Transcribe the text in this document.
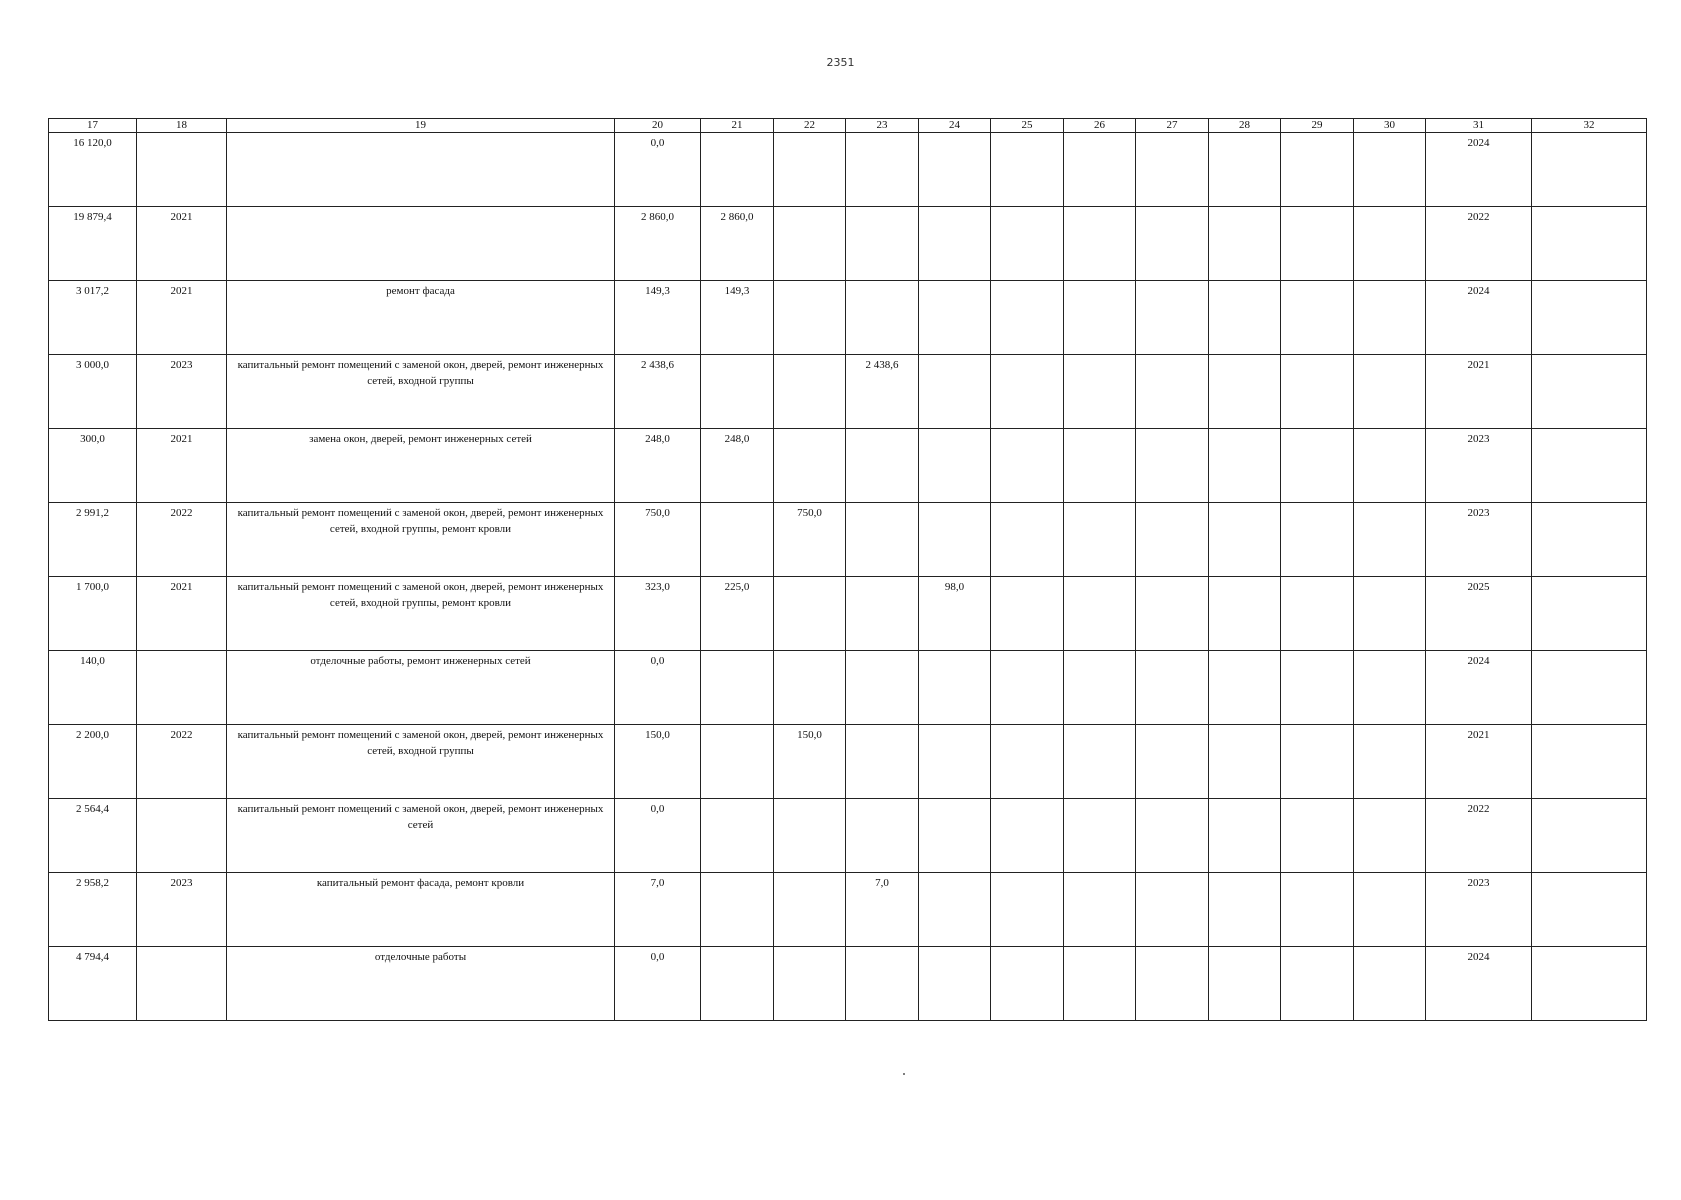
2351
17	18	19	20	21	22	23	24	25	26	27	28	29	30	31	32
16 120,0			0,0											2024	
19 879,4	2021		2 860,0	2 860,0										2022	
3 017,2	2021	ремонт фасада	149,3	149,3										2024	
3 000,0	2023	капитальный ремонт помещений с заменой окон, дверей, ремонт инженерных сетей, входной группы	2 438,6			2 438,6								2021	
300,0	2021	замена окон, дверей, ремонт инженерных сетей	248,0	248,0										2023	
2 991,2	2022	капитальный ремонт помещений с заменой окон, дверей, ремонт инженерных сетей, входной группы, ремонт кровли	750,0		750,0									2023	
1 700,0	2021	капитальный ремонт помещений с заменой окон, дверей, ремонт инженерных сетей, входной группы, ремонт кровли	323,0	225,0			98,0							2025	
140,0		отделочные работы, ремонт инженерных сетей	0,0											2024	
2 200,0	2022	капитальный ремонт помещений с заменой окон, дверей, ремонт инженерных сетей, входной группы	150,0		150,0									2021	
2 564,4		капитальный ремонт помещений с заменой окон, дверей, ремонт инженерных сетей	0,0											2022	
2 958,2	2023	капитальный ремонт фасада, ремонт кровли	7,0			7,0								2023	
4 794,4		отделочные работы	0,0											2024	
